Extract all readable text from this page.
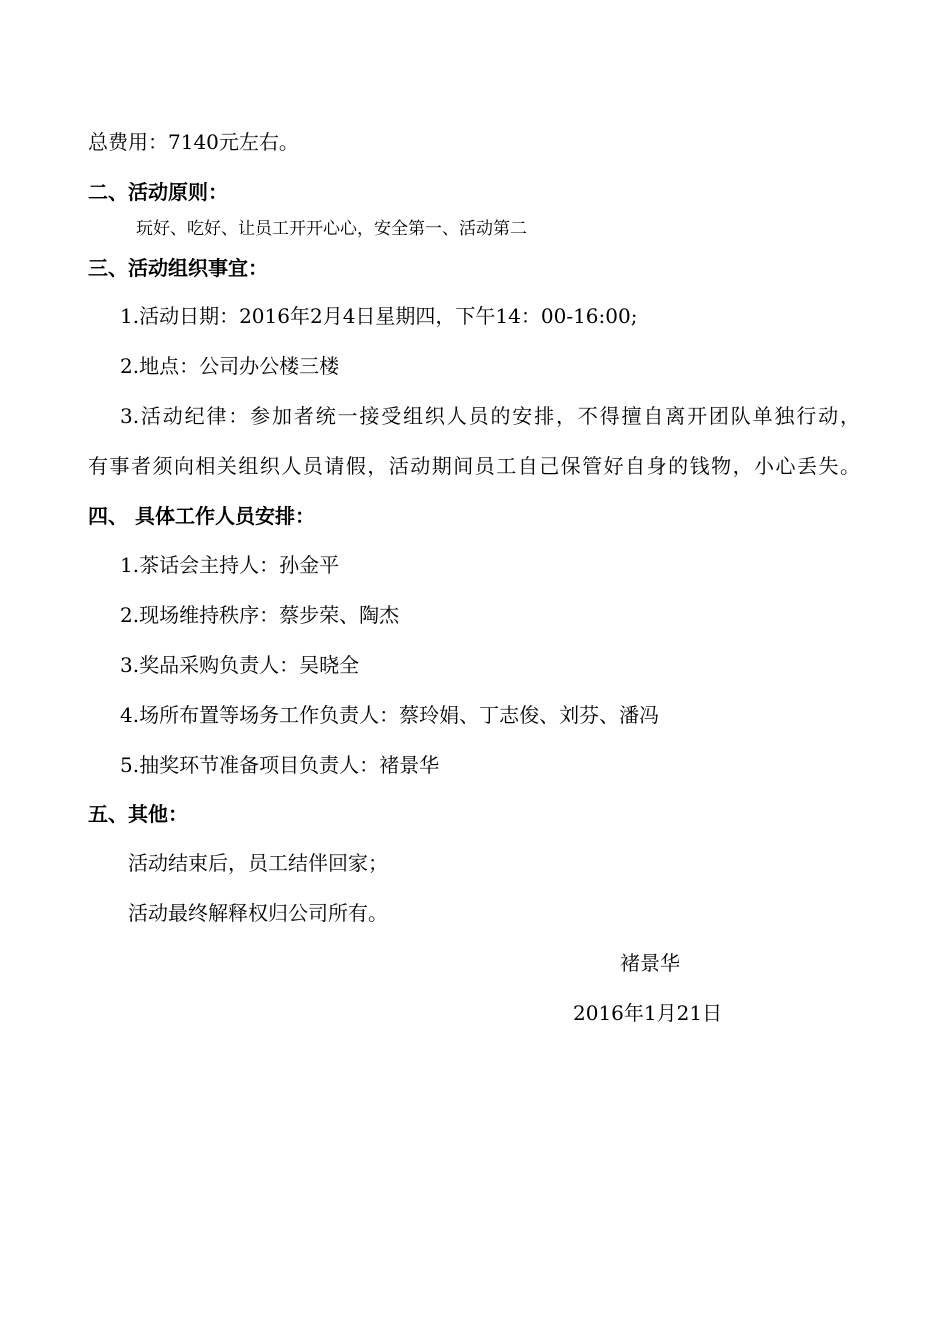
总费用：7140元左右。
二、活动原则：
玩好、吃好、让员工开开心心，安全第一、活动第二
三、活动组织事宜：
1.活动日期：2016年2月4日星期四，下午14：00-16:00;
2.地点：公司办公楼三楼
3.活动纪律：参加者统一接受组织人员的安排，不得擅自离开团队单独行动，
有事者须向相关组织人员请假，活动期间员工自己保管好自身的钱物，小心丢失。
四、 具体工作人员安排：
1.茶话会主持人：孙金平
2.现场维持秩序：蔡步荣、陶杰
3.奖品采购负责人：吴晓全
4.场所布置等场务工作负责人：蔡玲娟、丁志俊、刘芬、潘冯
5.抽奖环节准备项目负责人：褚景华
五、其他：
活动结束后，员工结伴回家；
活动最终解释权归公司所有。
褚景华
2016年1月21日
